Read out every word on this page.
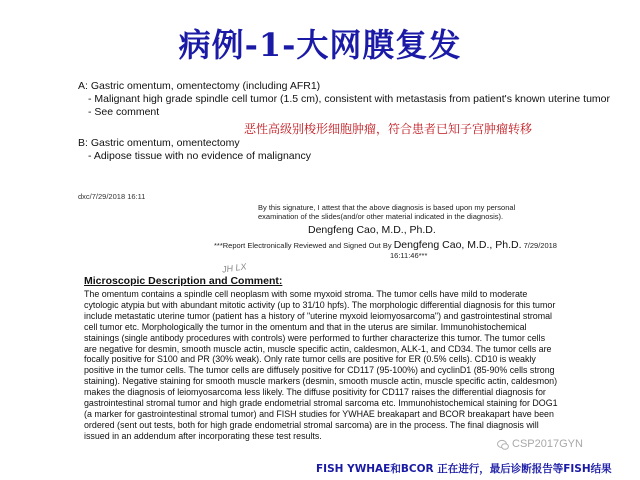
病例-1-大网膜复发
A: Gastric omentum, omentectomy (including AFR1)
- Malignant high grade spindle cell tumor (1.5 cm), consistent with metastasis from patient's known uterine tumor
- See comment
恶性高级别梭形细胞肿瘤，符合患者已知子宫肿瘤转移
B: Gastric omentum, omentectomy
- Adipose tissue with no evidence of malignancy
dxc/7/29/2018 16:11
By this signature, I attest that the above diagnosis is based upon my personal
examination of the slides(and/or other material indicated in the diagnosis).
Dengfeng Cao, M.D., Ph.D.
***Report Electronically Reviewed and Signed Out By Dengfeng Cao, M.D., Ph.D. 7/29/2018
16:11:46***
JH LX
Microscopic Description and Comment:
The omentum contains a spindle cell neoplasm with some myxoid stroma. The tumor cells have mild to moderate
cytologic atypia but with abundant mitotic activity (up to 31/10 hpfs). The morphologic differential diagnosis for this tumor
include metastatic uterine tumor (patient has a history of "uterine myxoid leiomyosarcoma") and gastrointestinal stromal
cell tumor etc. Morphologically the tumor in the omentum and that in the uterus are similar. Immunohistochemical
stainings (single antibody procedures with controls) were performed to further characterize this tumor. The tumor cells
are negative for desmin, smooth muscle actin, muscle specific actin, caldesmon, ALK-1, and CD34. The tumor cells are
focally positive for S100 and PR (30% weak). Only rate tumor cells are positive for ER (0.5% cells). CD10 is weakly
positive in the tumor cells. The tumor cells are diffusely positive for CD117 (95-100%) and cyclinD1 (85-90% cells strong
staining). Negative staining for smooth muscle markers (desmin, smooth muscle actin, muscle specific actin, caldesmon)
makes the diagnosis of leiomyosarcoma less likely. The diffuse positivity for CD117 raises the differential diagnosis for
gastrointestinal stromal tumor and high grade endometrial stromal sarcoma etc. Immunohistochemical staining for DOG1
(a marker for gastrointestinal stromal tumor) and FISH studies for YWHAE breakapart and BCOR breakapart have been
ordered (sent out tests, both for high grade endometrial stromal sarcoma) are in the process. The final diagnosis will
issued in an addendum after incorporating these test results.
CSP2017GYN
FISH YWHAE和BCOR 正在进行，最后诊断报告等FISH结果
